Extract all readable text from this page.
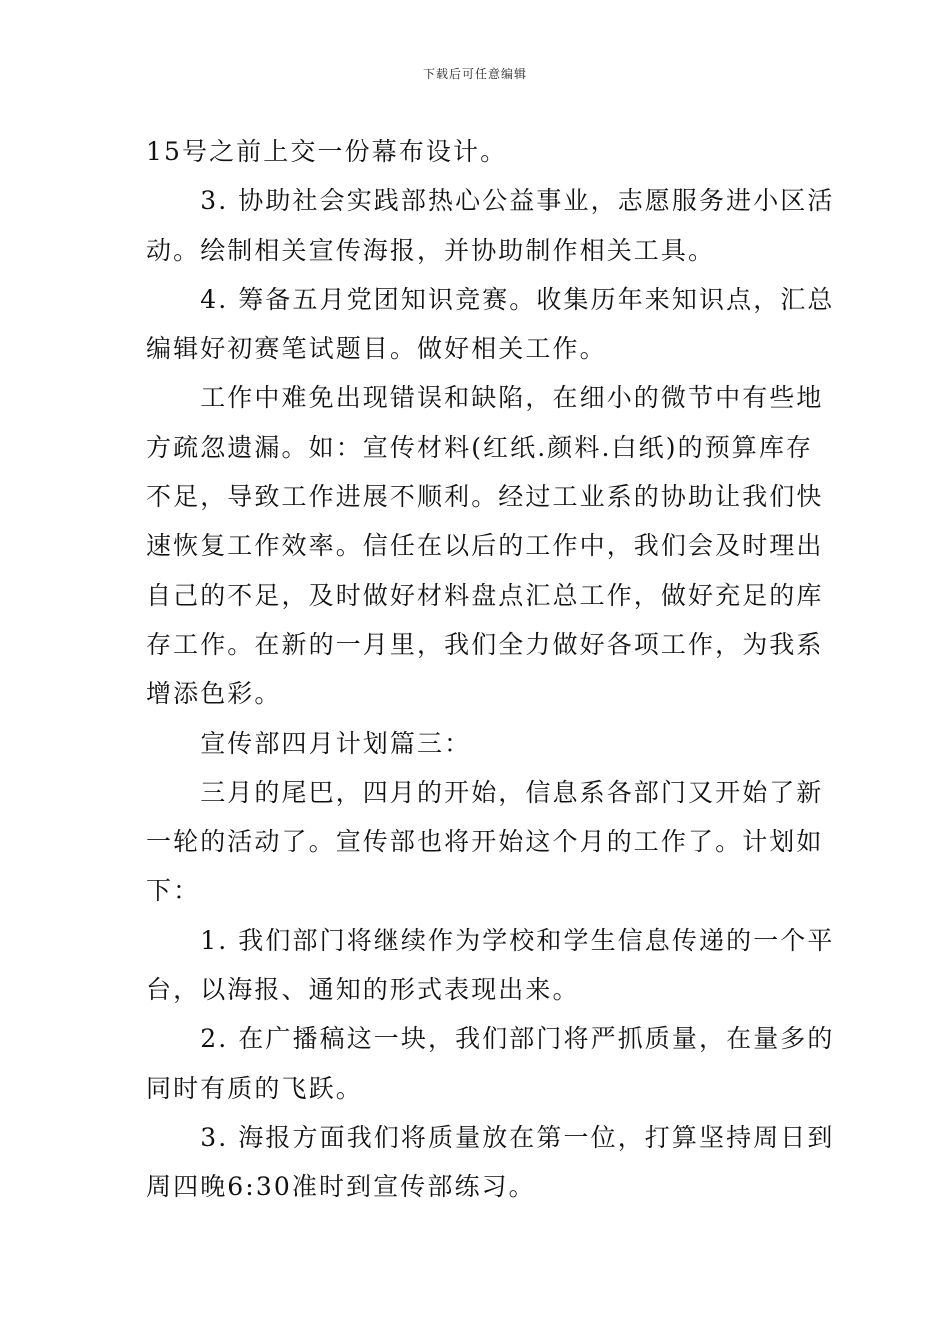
下载后可任意编辑

15号之前上交一份幕布设计。

　　3. 协助社会实践部热心公益事业，志愿服务进小区活

动。绘制相关宣传海报，并协助制作相关工具。

　　4. 筹备五月党团知识竞赛。收集历年来知识点，汇总

编辑好初赛笔试题目。做好相关工作。

　　工作中难免出现错误和缺陷，在细小的微节中有些地

方疏忽遗漏。如：宣传材料(红纸.颜料.白纸)的预算库存

不足，导致工作进展不顺利。经过工业系的协助让我们快

速恢复工作效率。信任在以后的工作中，我们会及时理出

自己的不足，及时做好材料盘点汇总工作，做好充足的库

存工作。在新的一月里，我们全力做好各项工作，为我系

增添色彩。

　　宣传部四月计划篇三：

　　三月的尾巴，四月的开始，信息系各部门又开始了新

一轮的活动了。宣传部也将开始这个月的工作了。计划如

下：

　　1. 我们部门将继续作为学校和学生信息传递的一个平

台，以海报、通知的形式表现出来。

　　2. 在广播稿这一块，我们部门将严抓质量，在量多的

同时有质的飞跃。

　　3. 海报方面我们将质量放在第一位，打算坚持周日到

周四晚6:30准时到宣传部练习。
